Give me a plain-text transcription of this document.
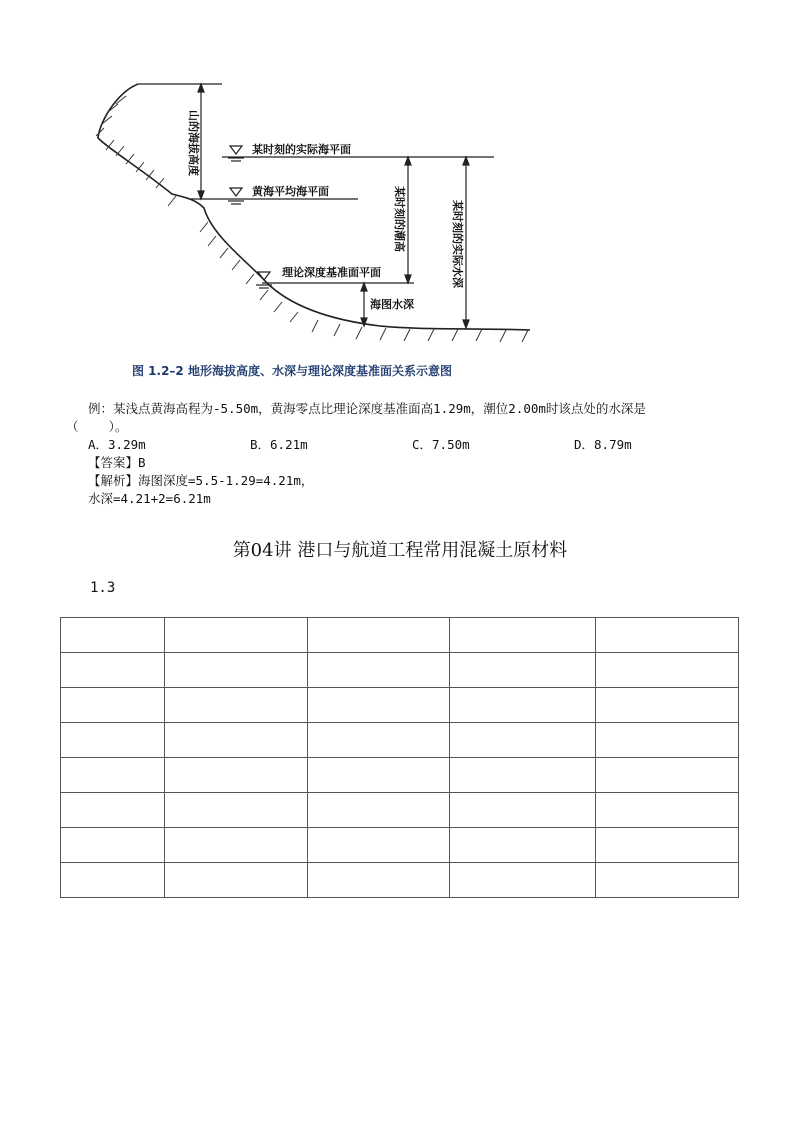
某时刻的实际海平面
黄海平均海平面
理论深度基准面平面
海图水深
山的海拔高度
某时刻的潮高	某时刻的实际水深
图 1.2–2 地形海拔高度、水深与理论深度基准面关系示意图
例：某浅点黄海高程为-5.50m，黄海零点比理论深度基准面高1.29m，潮位2.00m时该点处的水深是
（    ）。
A．3.29m	B．6.21m	C．7.50m	D．8.79m
【答案】B
【解析】海图深度=5.5-1.29=4.21m，
水深=4.21+2=6.21m
第04讲 港口与航道工程常用混凝土原材料
1.3
